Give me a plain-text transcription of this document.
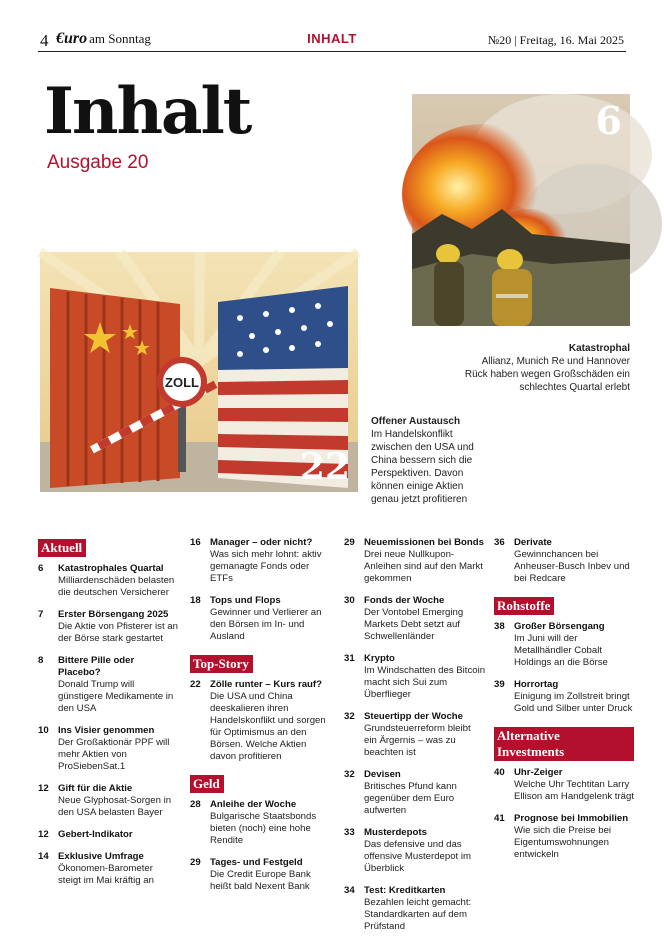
4 €uro am Sonntag	INHALT	№20 | Freitag, 16. Mai 2025
Inhalt
Ausgabe 20
6
Katastrophal
Allianz, Munich Re und Hannover Rück haben wegen Großschäden ein schlechtes Quartal erlebt
ZOLL
22
Offener Austausch
Im Handelskonflikt zwischen den USA und China bessern sich die Perspektiven. Davon können einige Aktien genau jetzt profitieren
Aktuell
6	Katastrophales Quartal
Milliardenschäden belasten die deutschen Versicherer
7	Erster Börsengang 2025
Die Aktie von Pfisterer ist an der Börse stark gestartet
8	Bittere Pille oder Placebo?
Donald Trump will günstigere Medikamente in den USA
10 Ins Visier genommen
Der Großaktionär PPF will mehr Aktien von ProSiebenSat.1
12 Gift für die Aktie
Neue Glyphosat-Sorgen in den USA belasten Bayer
12 Gebert-Indikator
14 Exklusive Umfrage
Ökonomen-Barometer steigt im Mai kräftig an
16 Manager – oder nicht?
Was sich mehr lohnt: aktiv gemanagte Fonds oder ETFs
18 Tops und Flops
Gewinner und Verlierer an den Börsen im In- und Ausland
Top-Story
22 Zölle runter – Kurs rauf?
Die USA und China deeskalieren ihren Handelskonflikt und sorgen für Optimismus an den Börsen. Welche Aktien davon profitieren
Geld
28 Anleihe der Woche
Bulgarische Staatsbonds bieten (noch) eine hohe Rendite
29 Tages- und Festgeld
Die Credit Europe Bank heißt bald Nexent Bank
29 Neuemissionen bei Bonds
Drei neue Nullkupon-Anleihen sind auf den Markt gekommen
30 Fonds der Woche
Der Vontobel Emerging Markets Debt setzt auf Schwellenländer
31 Krypto
Im Windschatten des Bitcoin macht sich Sui zum Überflieger
32 Steuertipp der Woche
Grundsteuerreform bleibt ein Ärgernis – was zu beachten ist
32 Devisen
Britisches Pfund kann gegenüber dem Euro aufwerten
33 Musterdepots
Das defensive und das offensive Musterdepot im Überblick
34 Test: Kreditkarten
Bezahlen leicht gemacht: Standardkarten auf dem Prüfstand
36 Derivate
Gewinnchancen bei Anheuser-Busch Inbev und bei Redcare
Rohstoffe
38 Großer Börsengang
Im Juni will der Metallhändler Cobalt Holdings an die Börse
39 Horrortag
Einigung im Zollstreit bringt Gold und Silber unter Druck
Alternative Investments
40 Uhr-Zeiger
Welche Uhr Techtitan Larry Ellison am Handgelenk trägt
41 Prognose bei Immobilien
Wie sich die Preise bei Eigentumswohnungen entwickeln
